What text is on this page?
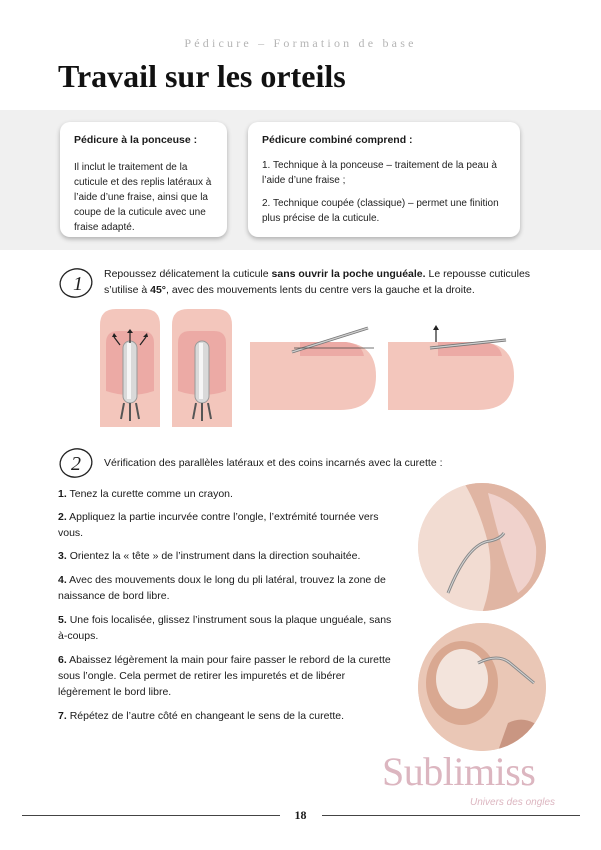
Pédicure – Formation de base
Travail sur les orteils
Pédicure à la ponceuse :

Il inclut le traitement de la

cuticule et des replis latéraux à

l’aide d’une fraise, ainsi que la

coupe de la cuticule avec une

fraise adapté.

Pédicure combiné comprend :

1. Technique à la ponceuse – traitement de la peau à

l’aide d’une fraise ;

2. Technique coupée (classique) – permet une finition

plus précise de la cuticule.

1 Repoussez délicatement la cuticule sans ouvrir la poche unguéale. Le repousse cuticules
s’utilise à 45°, avec des mouvements lents du centre vers la gauche et la droite.
2 Vérification des parallèles latéraux et des coins incarnés avec la curette :
1. Tenez la curette comme un crayon.
2. Appliquez la partie incurvée contre l’ongle, l’extrémité tournée vers
vous.
3. Orientez la « tête » de l’instrument dans la direction souhaitée.
4. Avec des mouvements doux le long du pli latéral, trouvez la zone de
naissance de bord libre.
5. Une fois localisée, glissez l’instrument sous la plaque unguéale, sans
à-coups.
6. Abaissez légèrement la main pour faire passer le rebord de la curette
sous l’ongle. Cela permet de retirer les impuretés et de libérer
légèrement le bord libre.
7. Répétez de l’autre côté en changeant le sens de la curette.
Sublimiss
Univers des ongles
18
